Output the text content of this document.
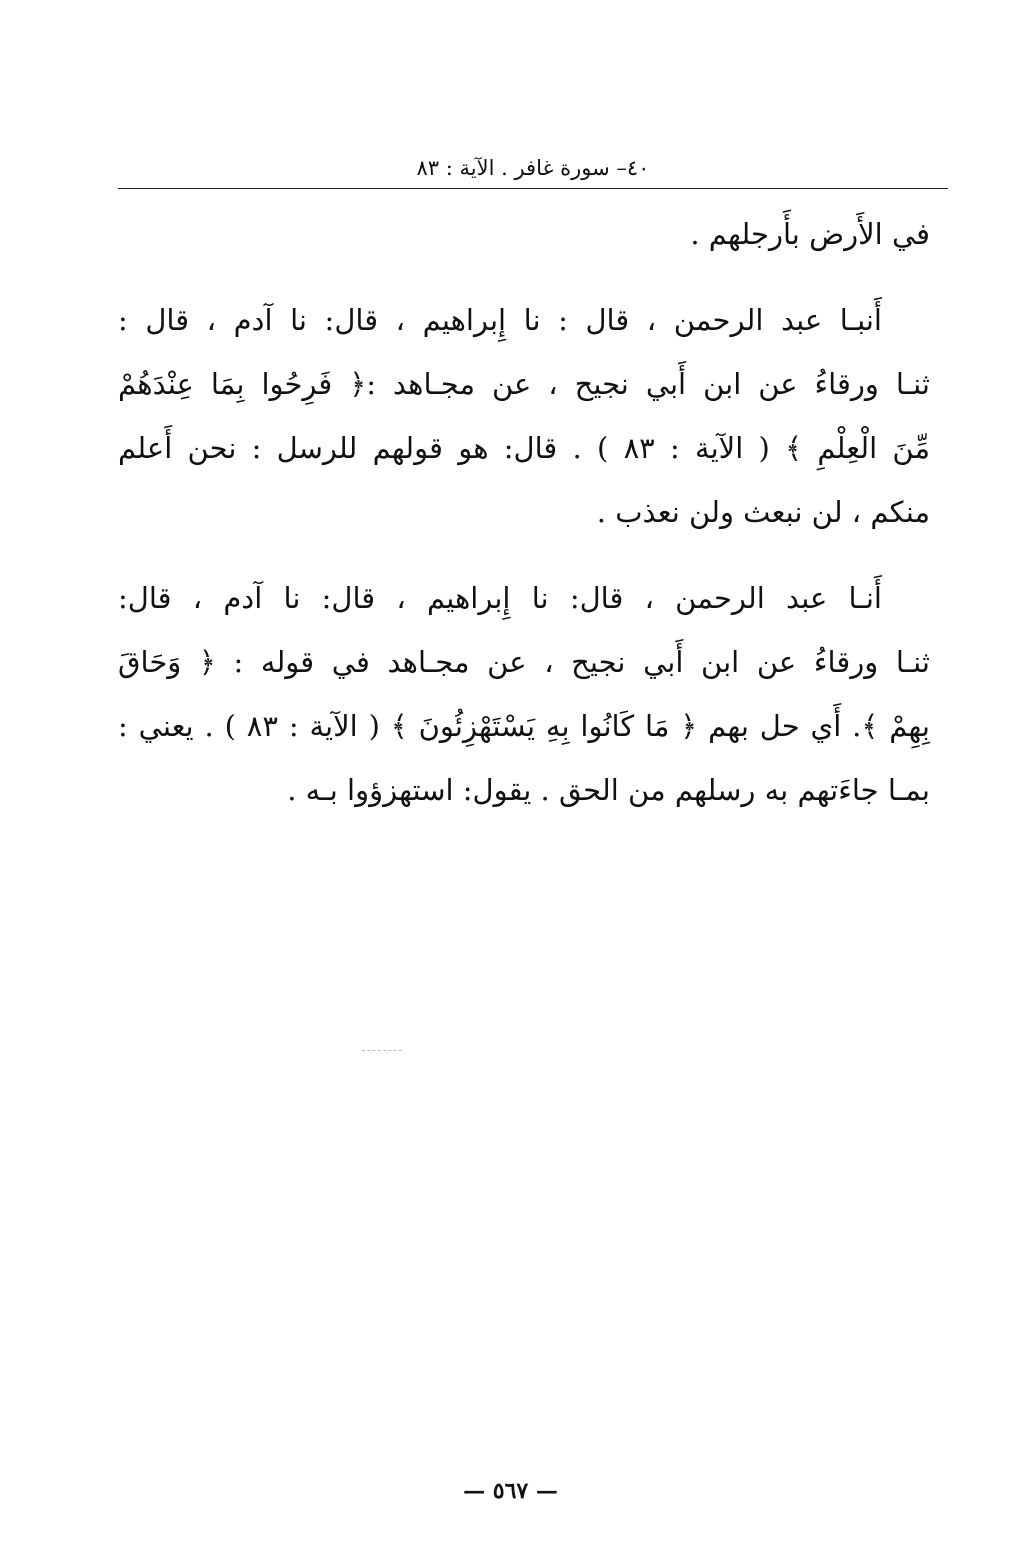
٤٠– سورة غافر . الآية : ٨٣
في الأَرض بأَرجلهم .
أَنبـا عبد الرحمن ، قال : نا إِبراهيم ، قال: نا آدم ، قال :
ثنـا ورقاءُ عن ابن أَبي نجيح ، عن مجـاهد :﴿ فَرِحُوا بِمَا عِنْدَهُمْ
مِّنَ الْعِلْمِ ﴾ ( الآية : ٨٣ ) . قال: هو قولهم للرسل : نحن أَعلم
منكم ، لن نبعث ولن نعذب .
أَنـا عبد الرحمن ، قال: نا إِبراهيم ، قال: نا آدم ، قال:
ثنـا ورقاءُ عن ابن أَبي نجيح ، عن مجـاهد في قوله : ﴿ وَحَاقَ
بِهِمْ ﴾. أَي حل بهم ﴿ مَا كَانُوا بِهِ يَسْتَهْزِئُونَ ﴾ ( الآية : ٨٣ ) . يعني :
بمـا جاءَتهم به رسلهم من الحق . يقول: استهزؤوا بـه .
— ٥٦٧ —
